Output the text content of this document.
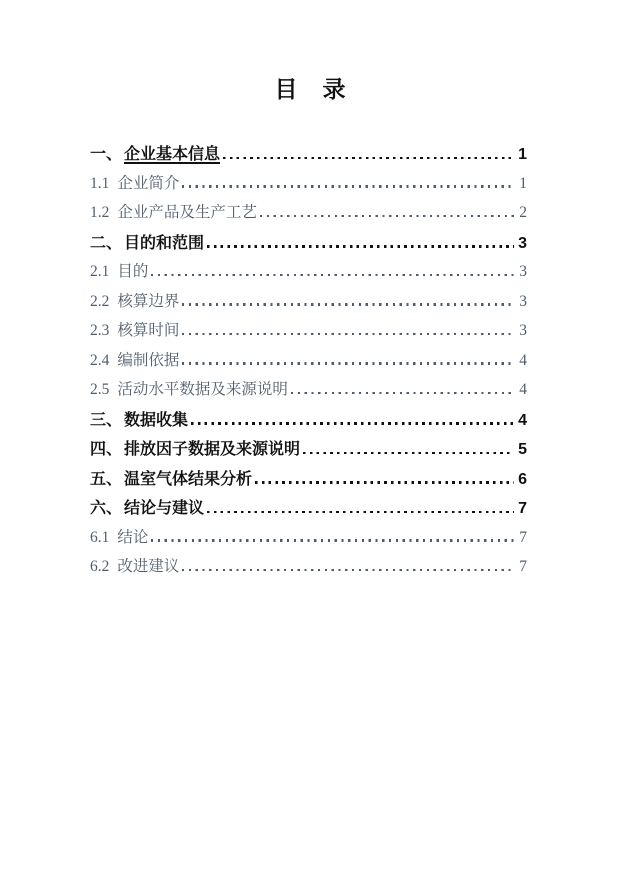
目　录
一、 企业基本信息	1
1.1 企业简介	1
1.2 企业产品及生产工艺	2
二、 目的和范围	3
2.1 目的	3
2.2 核算边界	3
2.3 核算时间	3
2.4 编制依据	4
2.5 活动水平数据及来源说明	4
三、 数据收集	4
四、 排放因子数据及来源说明	5
五、 温室气体结果分析	6
六、 结论与建议	7
6.1 结论	7
6.2 改进建议	7
